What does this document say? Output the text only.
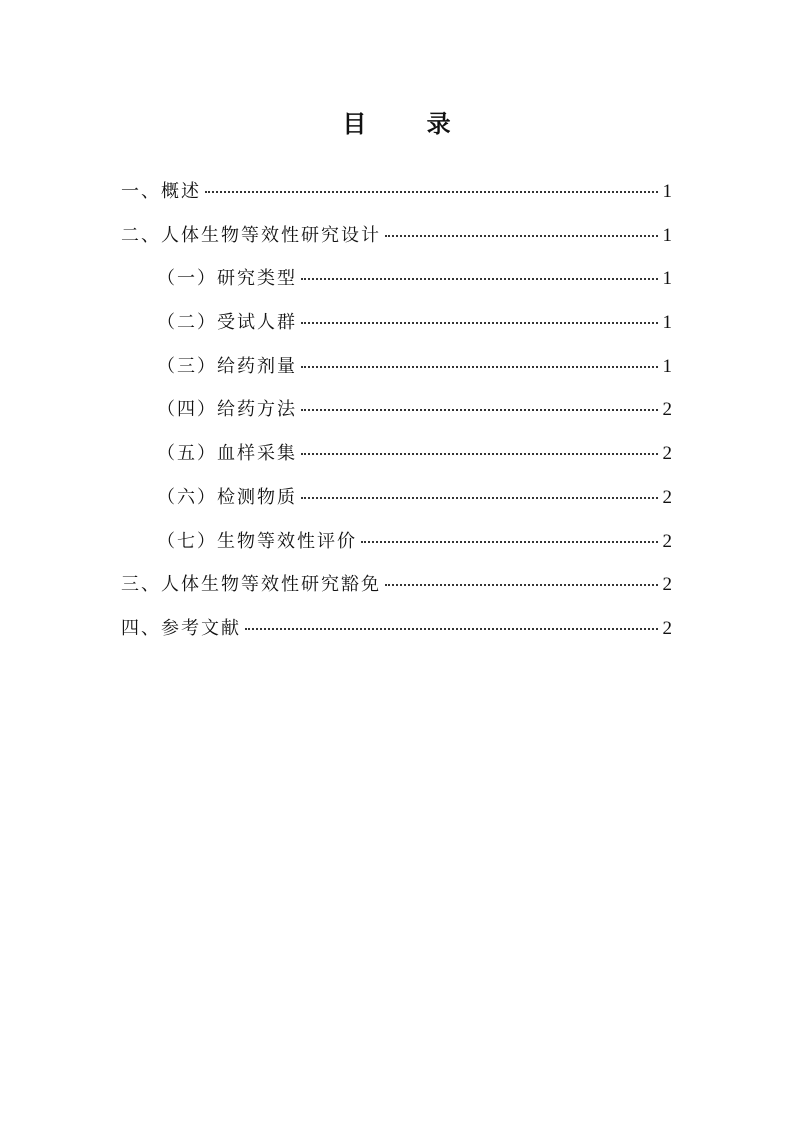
目 录
一、概述	1
二、人体生物等效性研究设计	1
（一）研究类型	1
（二）受试人群	1
（三）给药剂量	1
（四）给药方法	2
（五）血样采集	2
（六）检测物质	2
（七）生物等效性评价	2
三、人体生物等效性研究豁免	2
四、参考文献	2
